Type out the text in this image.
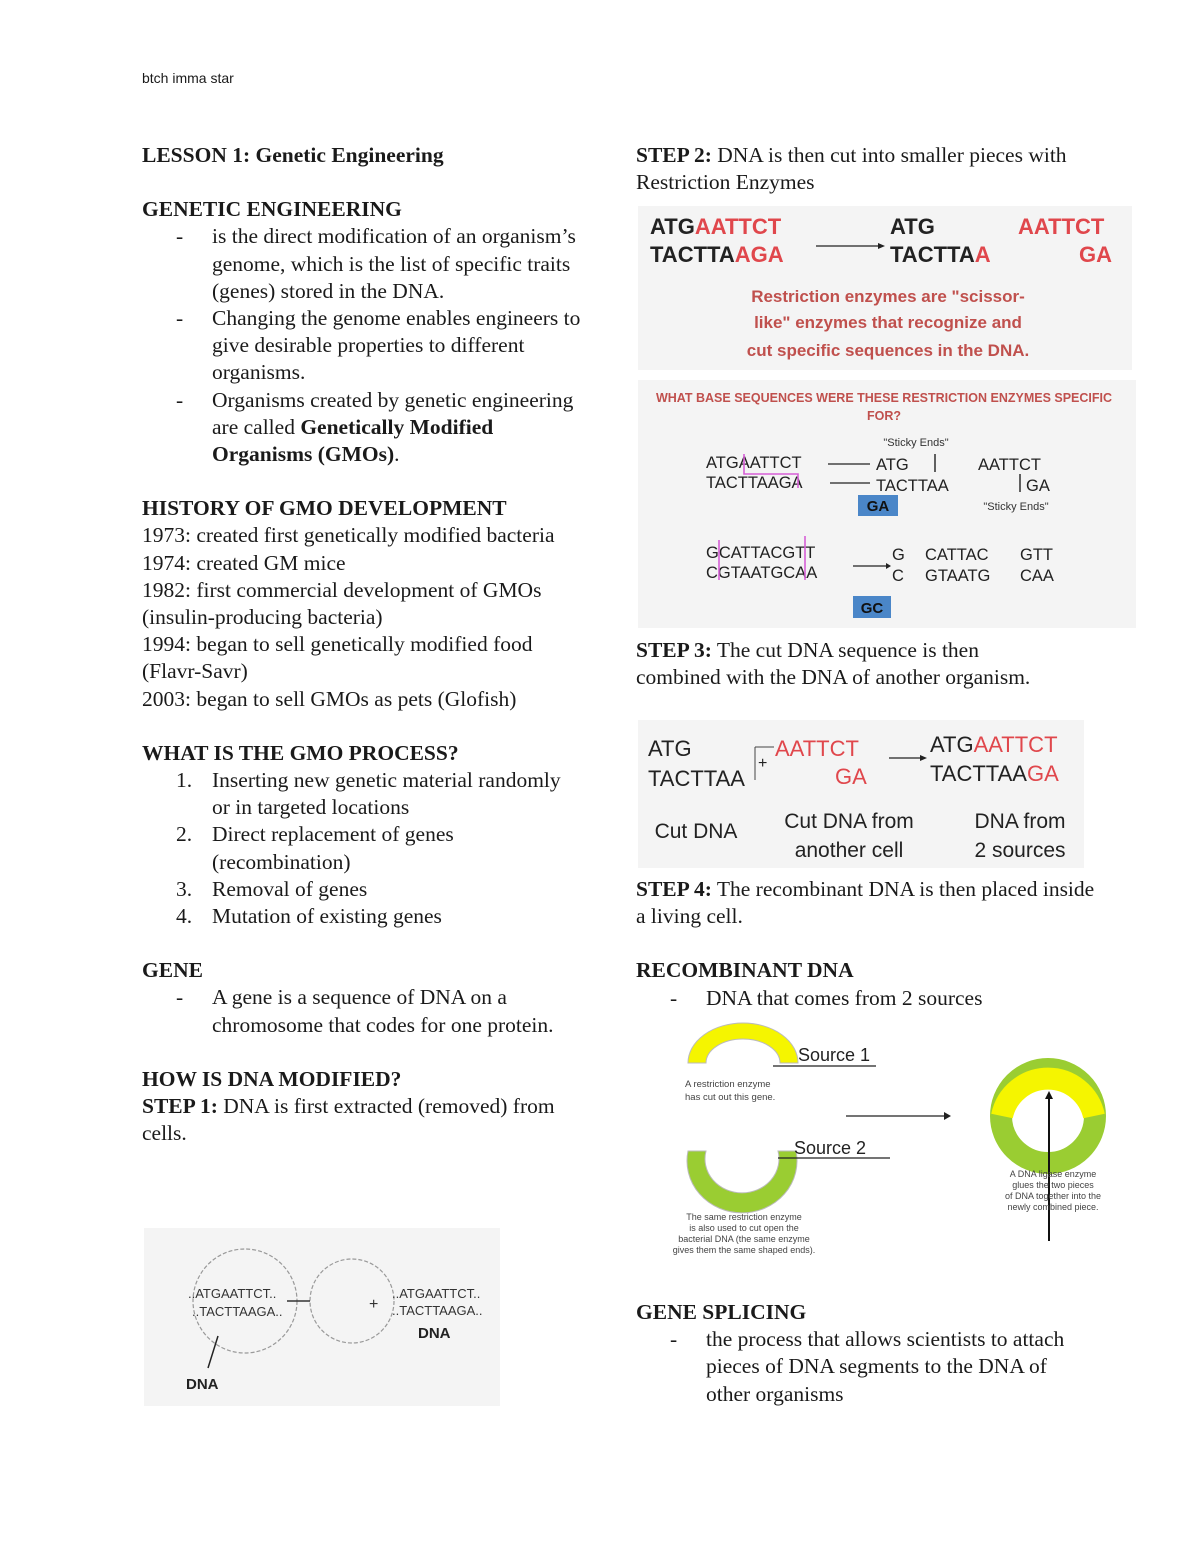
btch imma star
LESSON 1: Genetic Engineering
GENETIC ENGINEERING
- is the direct modification of an organism’s genome, which is the list of specific traits (genes) stored in the DNA.
- Changing the genome enables engineers to give desirable properties to different organisms.
- Organisms created by genetic engineering are called Genetically Modified Organisms (GMOs).
HISTORY OF GMO DEVELOPMENT
1973: created first genetically modified bacteria
1974: created GM mice
1982: first commercial development of GMOs (insulin-producing bacteria)
1994: began to sell genetically modified food (Flavr-Savr)
2003: began to sell GMOs as pets (Glofish)
WHAT IS THE GMO PROCESS?
1. Inserting new genetic material randomly or in targeted locations
2. Direct replacement of genes (recombination)
3. Removal of genes
4. Mutation of existing genes
GENE
- A gene is a sequence of DNA on a chromosome that codes for one protein.
HOW IS DNA MODIFIED?
STEP 1: DNA is first extracted (removed) from cells.
..ATGAATTCT..
..TACTTAAGA..	+
..ATGAATTCT..
..TACTTAAGA..
DNA
DNA
STEP 2: DNA is then cut into smaller pieces with Restriction Enzymes
ATGAATTCT
TACTTAAGA
ATG
TACTTAA
AATTCT
GA
Restriction enzymes are "scissor-
like" enzymes that recognize and
cut specific sequences in the DNA.
WHAT BASE SEQUENCES WERE THESE RESTRICTION ENZYMES SPECIFIC
FOR?
"Sticky Ends"
ATGAATTCT
TACTTAAGA
ATG
TACTTAA
AATTCT
GA
GA	"Sticky Ends"
GCATTACGTT
CGTAATGCAA
G
C
CATTAC
GTAATG
GTT
CAA
GC
STEP 3: The cut DNA sequence is then combined with the DNA of another organism.
ATG
TACTTAA
+
AATTCT
GA
ATGAATTCT
TACTTAAGA
Cut DNA Cut DNA from
another cell
DNA from
2 sources
STEP 4: The recombinant DNA is then placed inside a living cell.
RECOMBINANT DNA
- DNA that comes from 2 sources
Source 1
A restriction enzyme
has cut out this gene.
Source 2
The same restriction enzyme
is also used to cut open the
bacterial DNA (the same enzyme
gives them the same shaped ends).
A DNA ligase enzyme
glues the two pieces
of DNA together into the
newly combined piece.
GENE SPLICING
- the process that allows scientists to attach pieces of DNA segments to the DNA of other organisms
